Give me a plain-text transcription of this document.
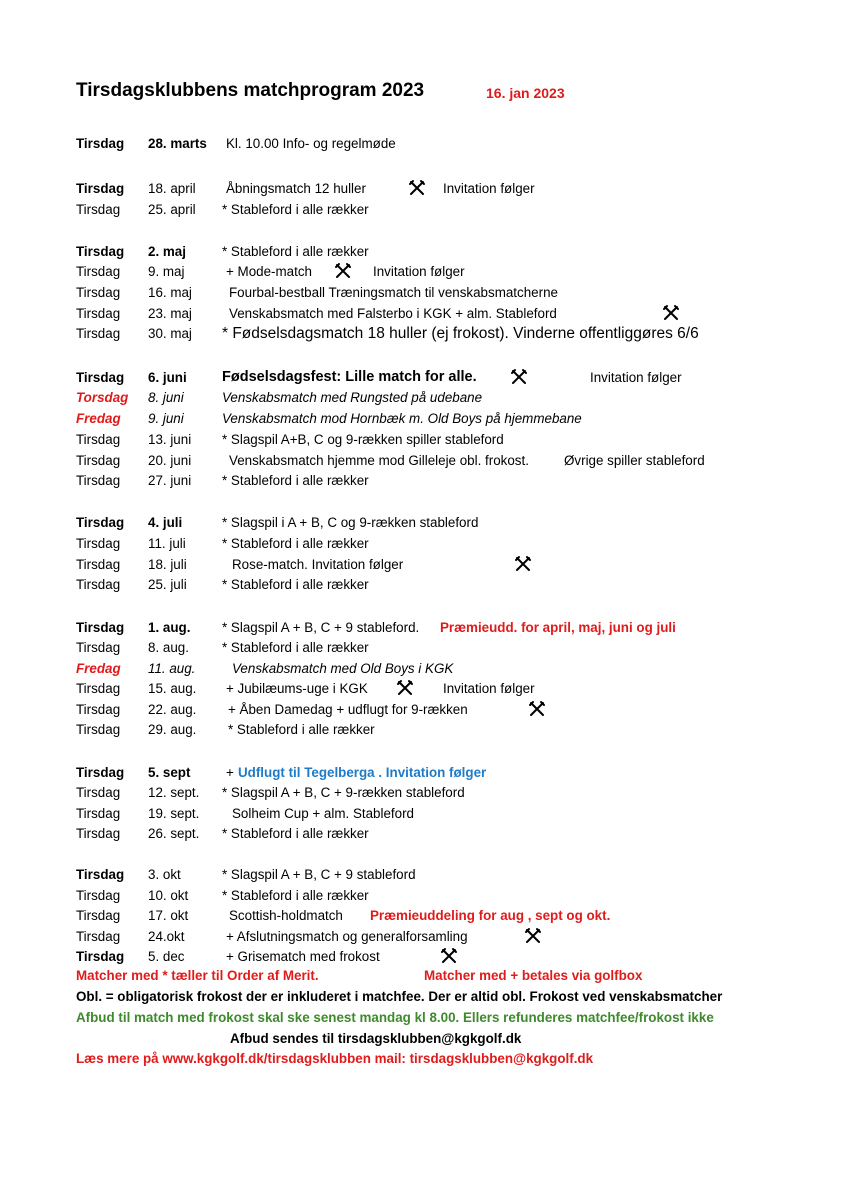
Tirsdagsklubbens matchprogram 2023	16. jan 2023
Tirsdag 28. marts Kl. 10.00 Info- og regelmøde
Tirsdag 18. april Åbningsmatch 12 huller	Invitation følger
Tirsdag 25. april * Stableford i alle rækker
Tirsdag 2. maj	* Stableford i alle rækker
Tirsdag 9. maj	+ Mode-match	Invitation følger
Tirsdag 16. maj	Fourbal-bestball Træningsmatch til venskabsmatcherne
Tirsdag 23. maj	Venskabsmatch med Falsterbo i KGK + alm. Stableford
Tirsdag 30. maj * Fødselsdagsmatch 18 huller (ej frokost). Vinderne offentliggøres 6/6
Tirsdag 6. juni Fødselsdagsfest: Lille match for alle.	Invitation følger
Torsdag 8. juni	Venskabsmatch med Rungsted på udebane
Fredag 9. juni	Venskabsmatch mod Hornbæk m. Old Boys på hjemmebane
Tirsdag 13. juni * Slagspil A+B, C og 9-rækken spiller stableford
Tirsdag 20. juni	Venskabsmatch hjemme mod Gilleleje obl. frokost.	Øvrige spiller stableford
Tirsdag 27. juni * Stableford i alle rækker
Tirsdag 4. juli	* Slagspil i A + B, C og 9-rækken stableford
Tirsdag 11. juli	* Stableford i alle rækker
Tirsdag 18. juli	Rose-match. Invitation følger
Tirsdag 25. juli	* Stableford i alle rækker
Tirsdag 1. aug. * Slagspil A + B, C + 9 stableford. Præmieudd. for april, maj, juni og juli
Tirsdag 8. aug. * Stableford i alle rækker
Fredag 11. aug.	Venskabsmatch med Old Boys i KGK
Tirsdag 15. aug. + Jubilæums-uge i KGK	Invitation følger
Tirsdag 22. aug. + Åben Damedag + udflugt for 9-rækken
Tirsdag 29. aug. * Stableford i alle rækker
Tirsdag 5. sept	+ Udflugt til Tegelberga . Invitation følger
Tirsdag 12. sept. * Slagspil A + B, C + 9-rækken stableford
Tirsdag 19. sept. Solheim Cup + alm. Stableford
Tirsdag 26. sept. * Stableford i alle rækker
Tirsdag 3. okt	* Slagspil A + B, C + 9 stableford
Tirsdag 10. okt	* Stableford i alle rækker
Tirsdag 17. okt	Scottish-holdmatch Præmieuddeling for aug , sept og okt.
Tirsdag 24.okt	+ Afslutningsmatch og generalforsamling
Tirsdag 5. dec	+ Grisematch med frokost
Matcher med * tæller til Order af Merit.	Matcher med + betales via golfbox
Obl. = obligatorisk frokost der er inkluderet i matchfee. Der er altid obl. Frokost ved venskabsmatcher
Afbud til match med frokost skal ske senest mandag kl 8.00. Ellers refunderes matchfee/frokost ikke
Afbud sendes til tirsdagsklubben@kgkgolf.dk
Læs mere på www.kgkgolf.dk/tirsdagsklubben mail: tirsdagsklubben@kgkgolf.dk
